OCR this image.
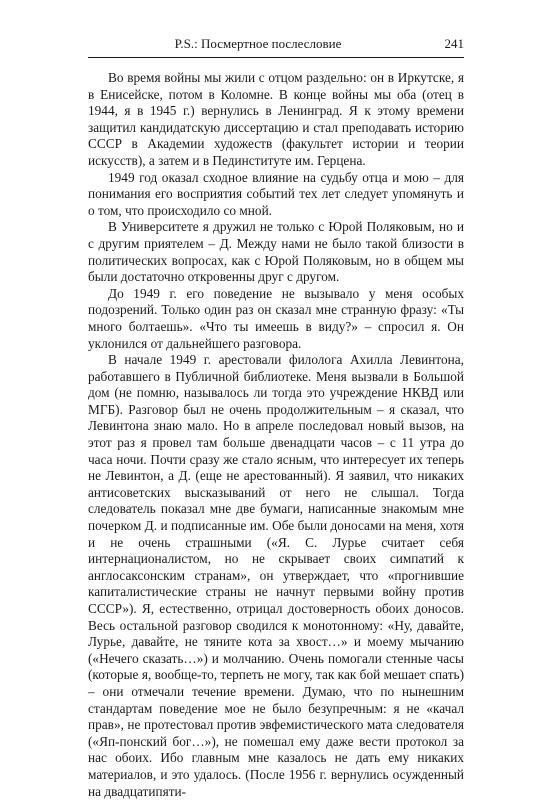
P.S.: Посмертное послесловие	241

Во время войны мы жили с отцом раздельно: он в Иркутске, я в Енисейске, потом в Коломне. В конце войны мы оба (отец в 1944, я в 1945 г.) вернулись в Ленинград. Я к этому времени защитил кандидатскую диссертацию и стал преподавать историю СССР в Академии художеств (факультет истории и теории искусств), а затем и в Пединституте им. Герцена.

1949 год оказал сходное влияние на судьбу отца и мою – для понимания его восприятия событий тех лет следует упомянуть и о том, что происходило со мной.

В Университете я дружил не только с Юрой Поляковым, но и с другим приятелем – Д. Между нами не было такой близости в политических вопросах, как с Юрой Поляковым, но в общем мы были достаточно откровенны друг с другом.

До 1949 г. его поведение не вызывало у меня особых подозрений. Только один раз он сказал мне странную фразу: «Ты много болтаешь». «Что ты имеешь в виду?» – спросил я. Он уклонился от дальнейшего разговора.

В начале 1949 г. арестовали филолога Ахилла Левинтона, работавшего в Публичной библиотеке. Меня вызвали в Большой дом (не помню, называлось ли тогда это учреждение НКВД или МГБ). Разговор был не очень продолжительным – я сказал, что Левинтона знаю мало. Но в апреле последовал новый вызов, на этот раз я провел там больше двенадцати часов – с 11 утра до часа ночи. Почти сразу же стало ясным, что интересует их теперь не Левинтон, а Д. (еще не арестованный). Я заявил, что никаких антисоветских высказываний от него не слышал. Тогда следователь показал мне две бумаги, написанные знакомым мне почерком Д. и подписанные им. Обе были доносами на меня, хотя и не очень страшными («Я. С. Лурье считает себя интернационалистом, но не скрывает своих симпатий к англосаксонским странам», он утверждает, что «прогнившие капиталистические страны не начнут первыми войну против СССР»). Я, естественно, отрицал достоверность обоих доносов. Весь остальной разговор сводился к монотонному: «Ну, давайте, Лурье, давайте, не тяните кота за хвост…» и моему мычанию («Нечего сказать…») и молчанию. Очень помогали стенные часы (которые я, вообще-то, терпеть не могу, так как бой мешает спать) – они отмечали течение времени. Думаю, что по нынешним стандартам поведение мое не было безупречным: я не «качал прав», не протестовал против эвфемистического мата следователя («Яп-понский бог…»), не помешал ему даже вести протокол за нас обоих. Ибо главным мне казалось не дать ему никаких материалов, и это удалось. (После 1956 г. вернулись осужденный на двадцатипяти-
